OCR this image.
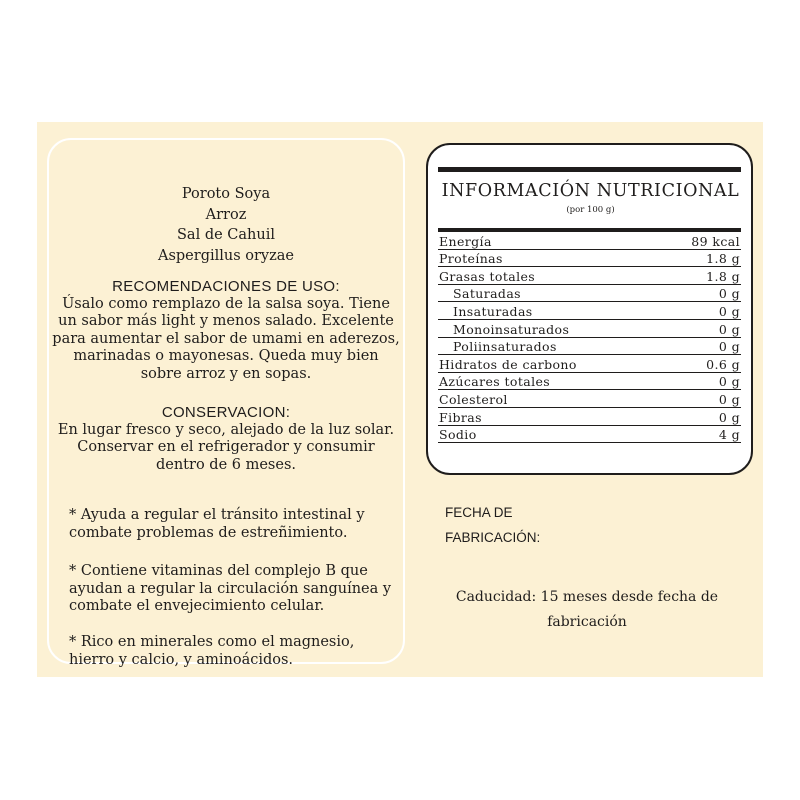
Poroto Soya
Arroz
Sal de Cahuil
Aspergillus oryzae
RECOMENDACIONES DE USO:
Úsalo como remplazo de la salsa soya. Tiene
un sabor más light y menos salado. Excelente
para aumentar el sabor de umami en aderezos,
marinadas o mayonesas. Queda muy bien
sobre arroz y en sopas.
CONSERVACION:
En lugar fresco y seco, alejado de la luz solar.
Conservar en el refrigerador y consumir
dentro de 6 meses.
* Ayuda a regular el tránsito intestinal y
combate problemas de estreñimiento.
* Contiene vitaminas del complejo B que
ayudan a regular la circulación sanguínea y
combate el envejecimiento celular.
* Rico en minerales como el magnesio,
hierro y calcio, y aminoácidos.
INFORMACIÓN NUTRICIONAL
(por 100 g)
Energía	89 kcal
Proteínas	1.8 g
Grasas totales	1.8 g
Saturadas	0 g
Insaturadas	0 g
Monoinsaturados	0 g
Poliinsaturados	0 g
Hidratos de carbono	0.6 g
Azúcares totales	0 g
Colesterol	0 g
Fibras	0 g
Sodio	4 g
FECHA DE
FABRICACIÓN:
Caducidad: 15 meses desde fecha de
fabricación
